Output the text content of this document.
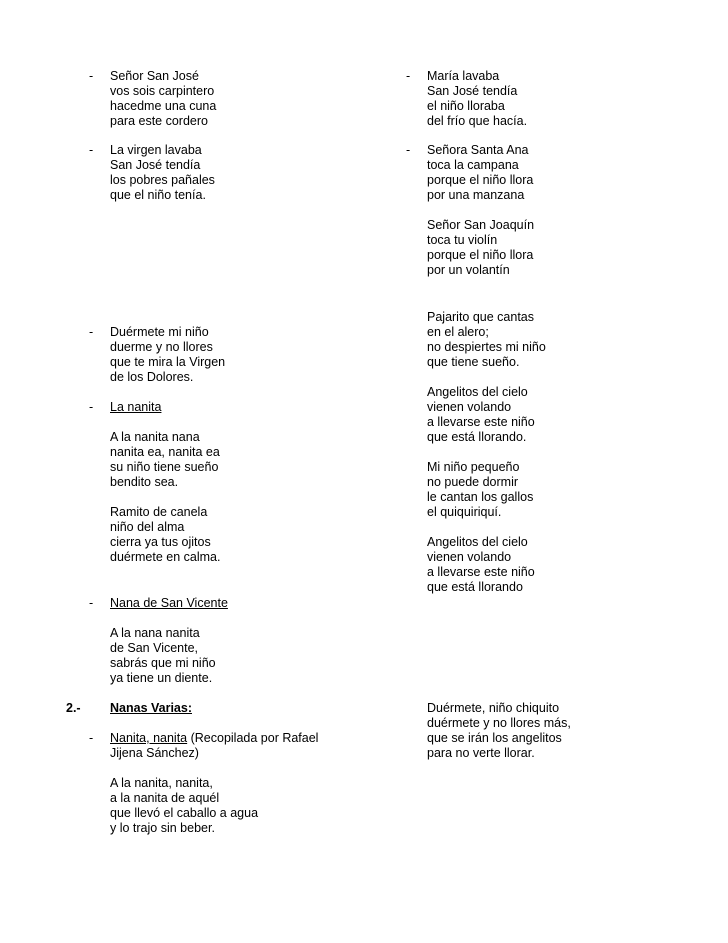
- Señor San José
vos sois carpintero
hacedme una cuna
para este cordero
- La virgen lavaba
San José tendía
los pobres pañales
que el niño tenía.
- Duérmete mi niño
duerme y no llores
que te mira la Virgen
de los Dolores.
- La nanita
A la nanita nana
nanita ea, nanita ea
su niño tiene sueño
bendito sea.
Ramito de canela
niño del alma
cierra ya tus ojitos
duérmete en calma.
- Nana de San Vicente
A la nana nanita
de San Vicente,
sabrás que mi niño
ya tiene un diente.
2.- Nanas Varias:
- Nanita, nanita (Recopilada por Rafael
Jijena Sánchez)
A la nanita, nanita,
a la nanita de aquél
que llevó el caballo a agua
y lo trajo sin beber.
- María lavaba
San José tendía
el niño lloraba
del frío que hacía.
- Señora Santa Ana
toca la campana
porque el niño llora
por una manzana
Señor San Joaquín
toca tu violín
porque el niño llora
por un volantín
Pajarito que cantas
en el alero;
no despiertes mi niño
que tiene sueño.
Angelitos del cielo
vienen volando
a llevarse este niño
que está llorando.
Mi niño pequeño
no puede dormir
le cantan los gallos
el quiquiriquí.
Angelitos del cielo
vienen volando
a llevarse este niño
que está llorando
Duérmete, niño chiquito
duérmete y no llores más,
que se irán los angelitos
para no verte llorar.
